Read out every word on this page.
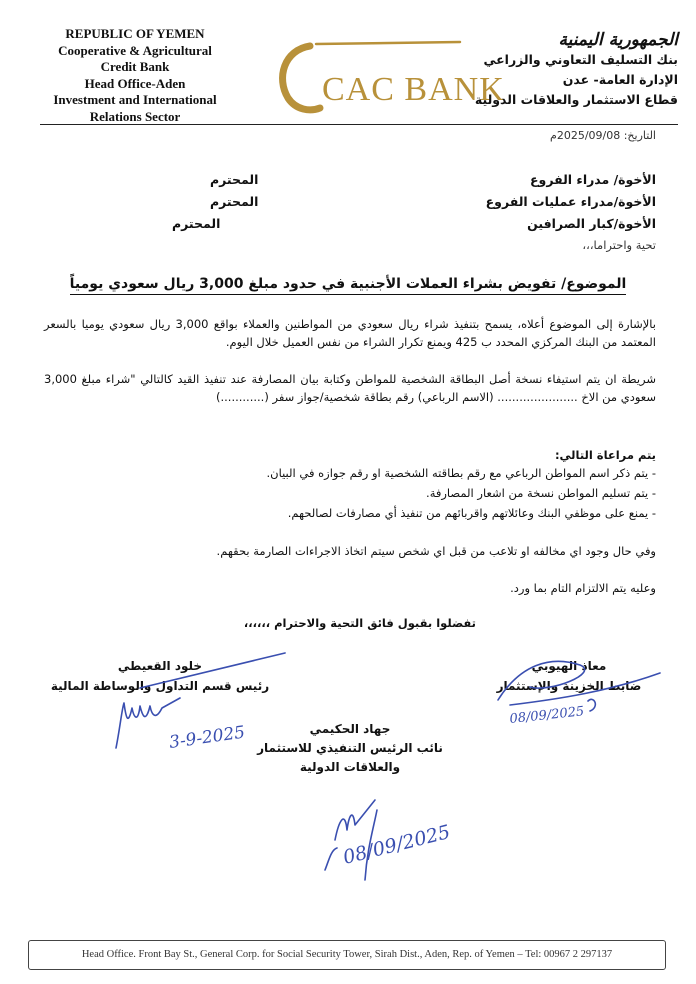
REPUBLIC OF YEMEN
Cooperative & Agricultural
Credit Bank
Head Office-Aden
Investment and International
Relations Sector
CAC BANK
الجمهورية اليمنية
بنك التسليف التعاوني والزراعي
الإدارة العامة- عدن
قطاع الاستثمار والعلاقات الدولية
التاريخ: 2025/09/08م
الأخوة/ مدراء الفروع
المحترم
الأخوة/مدراء عمليات الفروع
المحترم
الأخوة/كبار الصرافين
المحترم
تحية واحتراما،،،
الموضوع/ تفويض بشراء العملات الأجنبية في حدود مبلغ 3,000 ريال سعودي يومياً
بالإشارة إلى الموضوع أعلاه، يسمح بتنفيذ شراء ريال سعودي من المواطنين والعملاء بواقع 3,000 ريال سعودي يوميا بالسعر المعتمد من البنك المركزي المحدد ب 425 ويمنع تكرار الشراء من نفس العميل خلال اليوم.
شريطة ان يتم استيفاء نسخة أصل البطاقة الشخصية للمواطن وكتابة بيان المصارفة عند تنفيذ القيد كالتالي "شراء مبلغ 3,000 سعودي من الاخ ...................... (الاسم الرباعي) رقم بطاقة شخصية/جواز سفر (............)
يتم مراعاة التالي:
- يتم ذكر اسم المواطن الرباعي مع رقم بطاقته الشخصية او رقم جوازه في البيان.
- يتم تسليم المواطن نسخة من اشعار المصارفة.
- يمنع على موظفي البنك وعائلاتهم واقربائهم من تنفيذ أي مصارفات لصالحهم.
وفي حال وجود اي مخالفه او تلاعب من قبل اي شخص سيتم اتخاذ الاجراءات الصارمة بحقهم.
وعليه يتم الالتزام التام بما ورد.
تفضلوا بقبول فائق التحية والاحترام ،،،،،،
خلود القعيطي
رئيس قسم التداول والوساطة المالية
معاذ الهيوبي
ضابط الخزينة والإستثمار
جهاد الحكيمي
نائب الرئيس التنفيذي للاستثمار
والعلاقات الدولية
3-9-2025
08/09/2025
08/09/2025
Head Office. Front Bay St., General Corp. for Social Security Tower, Sirah Dist., Aden, Rep. of Yemen – Tel: 00967 2 297137
